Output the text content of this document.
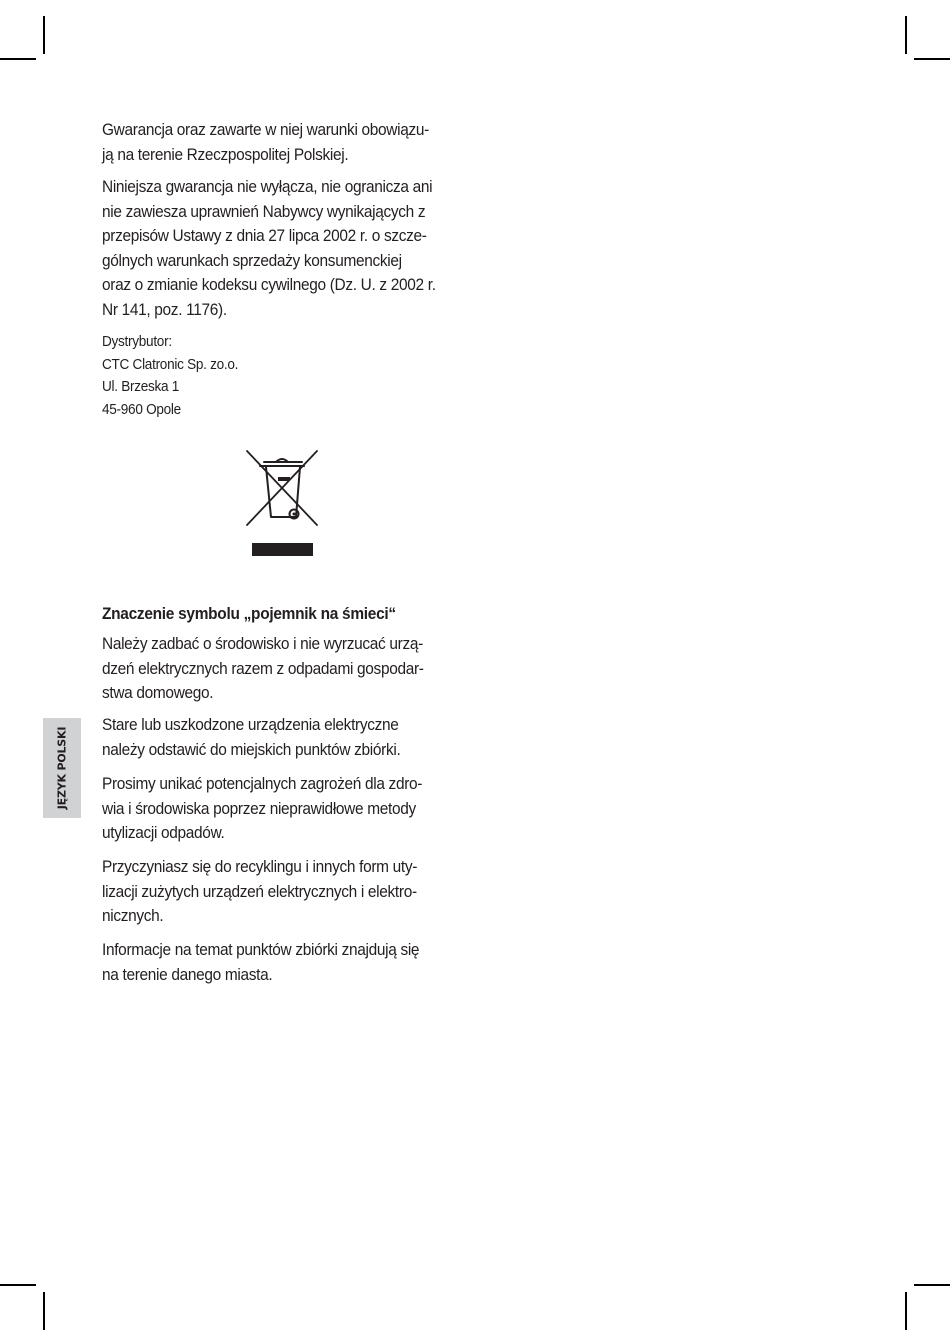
Gwarancja oraz zawarte w niej warunki obowiązu-
ją na terenie Rzeczpospolitej Polskiej.

Niniejsza gwarancja nie wyłącza, nie ogranicza ani
nie zawiesza uprawnień Nabywcy wynikających z
przepisów Ustawy z dnia 27 lipca 2002 r. o szcze-
gólnych warunkach sprzedaży konsumenckiej
oraz o zmianie kodeksu cywilnego (Dz. U. z 2002 r.
Nr 141, poz. 1176).

Dystrybutor:
CTC Clatronic Sp. zo.o.
Ul. Brzeska 1
45-960 Opole

Znaczenie symbolu „pojemnik na śmieci“

Należy zadbać o środowisko i nie wyrzucać urzą-
dzeń elektrycznych razem z odpadami gospodar-
stwa domowego.

Stare lub uszkodzone urządzenia elektryczne
należy odstawić do miejskich punktów zbiórki.

Prosimy unikać potencjalnych zagrożeń dla zdro-
wia i środowiska poprzez nieprawidłowe metody
utylizacji odpadów.

Przyczyniasz się do recyklingu i innych form uty-
lizacji zużytych urządzeń elektrycznych i elektro-
nicznych.

Informacje na temat punktów zbiórki znajdują się
na terenie danego miasta.

JĘZYK POLSKI
